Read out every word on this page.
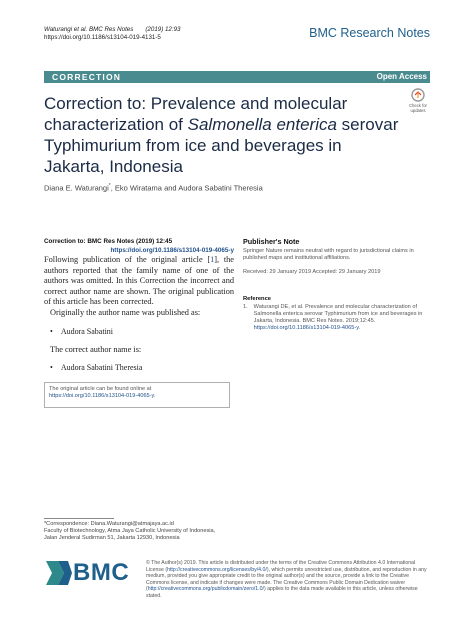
Waturangi et al. BMC Res Notes (2019) 12:93
https://doi.org/10.1186/s13104-019-4131-5	BMC Research Notes
CORRECTION	Open Access
Check for
updates
Correction to: Prevalence and molecular characterization of Salmonella enterica serovar Typhimurium from ice and beverages in Jakarta, Indonesia
Diana E. Waturangi*, Eko Wiratama and Audora Sabatini Theresia
Correction to: BMC Res Notes (2019) 12:45
https://doi.org/10.1186/s13104-019-4065-y

Following publication of the original article [1], the authors reported that the family name of one of the authors was omitted. In this Correction the incorrect and correct author name are shown. The original publication of this article has been corrected.

Originally the author name was published as:

• Audora Sabatini

The correct author name is:

• Audora Sabatini Theresia
The original article can be found online at https://doi.org/10.1186/s13104-019-4065-y.
Publisher's Note

Springer Nature remains neutral with regard to jurisdictional claims in published maps and institutional affiliations.

Received: 29 January 2019 Accepted: 29 January 2019

Reference
1. Waturangi DE, et al. Prevalence and molecular characterization of Salmonella enterica serovar Typhimurium from ice and beverages in Jakarta, Indonesia. BMC Res Notes. 2019;12:45. https://doi.org/10.1186/s13104-019-4065-y.
*Correspondence: Diana.Waturangi@atmajaya.ac.id
Faculty of Biotechnology, Atma Jaya Catholic University of Indonesia,
Jalan Jenderal Sudirman 51, Jakarta 12930, Indonesia
BMC	© The Author(s) 2019. This article is distributed under the terms of the Creative Commons Attribution 4.0 International License (http://creativecommons.org/licenses/by/4.0/), which permits unrestricted use, distribution, and reproduction in any medium, provided you give appropriate credit to the original author(s) and the source, provide a link to the Creative Commons license, and indicate if changes were made. The Creative Commons Public Domain Dedication waiver (http://creativecommons.org/publicdomain/zero/1.0/) applies to the data made available in this article, unless otherwise stated.
